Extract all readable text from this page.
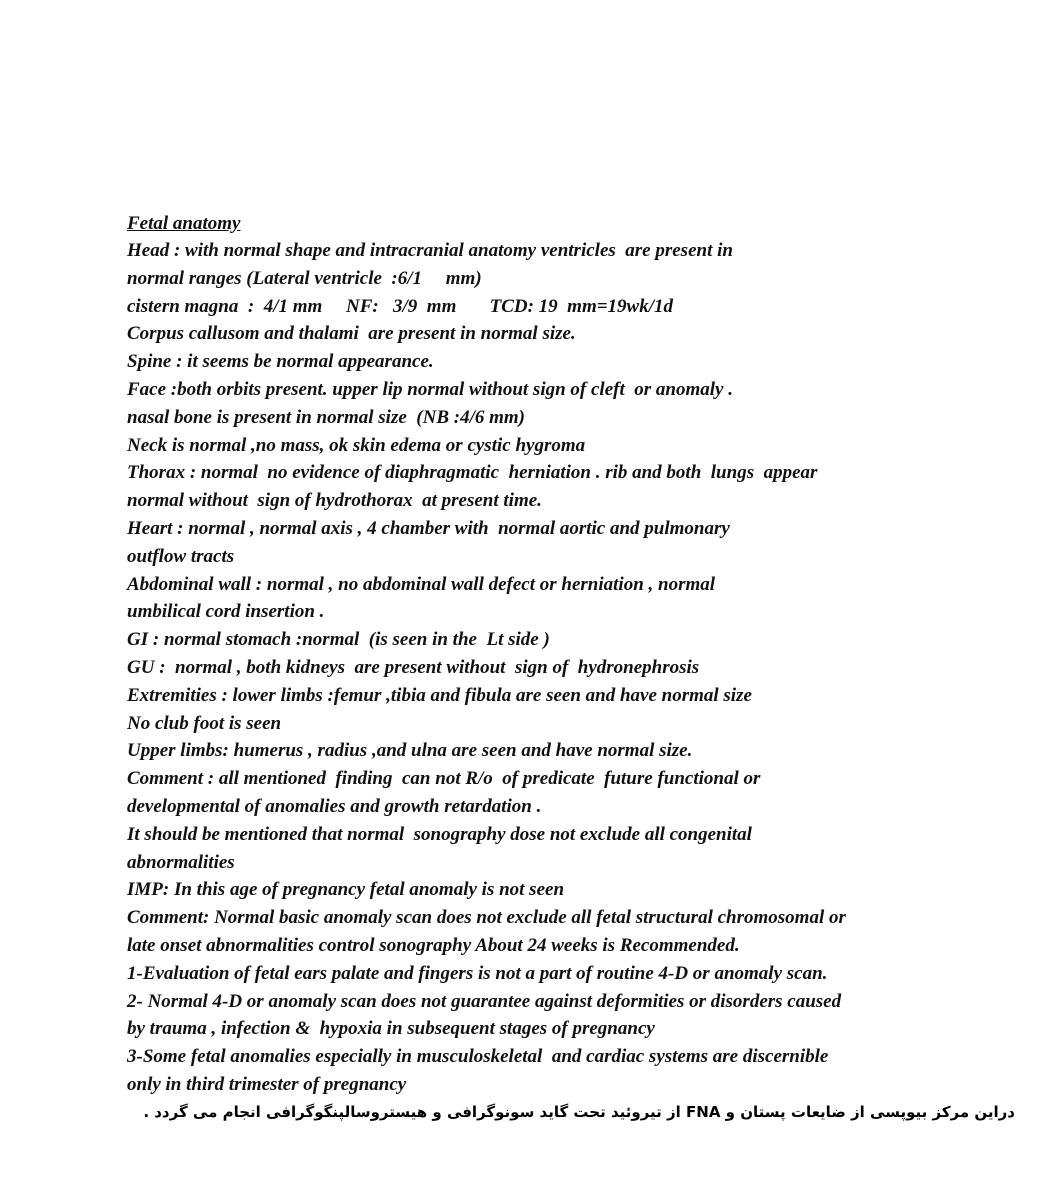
Fetal anatomy
Head : with normal shape and intracranial anatomy ventricles  are present in
normal ranges (Lateral ventricle  :6/1     mm)
cistern magna  :  4/1 mm     NF:   3/9  mm       TCD: 19  mm=19wk/1d
Corpus callusom and thalami  are present in normal size.
Spine : it seems be normal appearance.
Face :both orbits present. upper lip normal without sign of cleft  or anomaly .
nasal bone is present in normal size  (NB :4/6 mm)
Neck is normal ,no mass, ok skin edema or cystic hygroma
Thorax : normal  no evidence of diaphragmatic  herniation . rib and both  lungs  appear
normal without  sign of hydrothorax  at present time.
Heart : normal , normal axis , 4 chamber with  normal aortic and pulmonary
outflow tracts
Abdominal wall : normal , no abdominal wall defect or herniation , normal
umbilical cord insertion .
GI : normal stomach :normal  (is seen in the  Lt side )
GU :  normal , both kidneys  are present without  sign of  hydronephrosis
Extremities : lower limbs :femur ,tibia and fibula are seen and have normal size
No club foot is seen
Upper limbs: humerus , radius ,and ulna are seen and have normal size.
Comment : all mentioned  finding  can not R/o  of predicate  future functional or
developmental of anomalies and growth retardation .
It should be mentioned that normal  sonography dose not exclude all congenital
abnormalities
IMP: In this age of pregnancy fetal anomaly is not seen
Comment: Normal basic anomaly scan does not exclude all fetal structural chromosomal or
late onset abnormalities control sonography About 24 weeks is Recommended.
1-Evaluation of fetal ears palate and fingers is not a part of routine 4-D or anomaly scan.
2- Normal 4-D or anomaly scan does not guarantee against deformities or disorders caused
by trauma , infection &  hypoxia in subsequent stages of pregnancy
3-Some fetal anomalies especially in musculoskeletal  and cardiac systems are discernible
only in third trimester of pregnancy
دراین مرکز بیوپسی از ضایعات پستان و FNA از تیروئید تحت گاید سونوگرافی و هیستروسالپنگوگرافی انجام می گردد .
